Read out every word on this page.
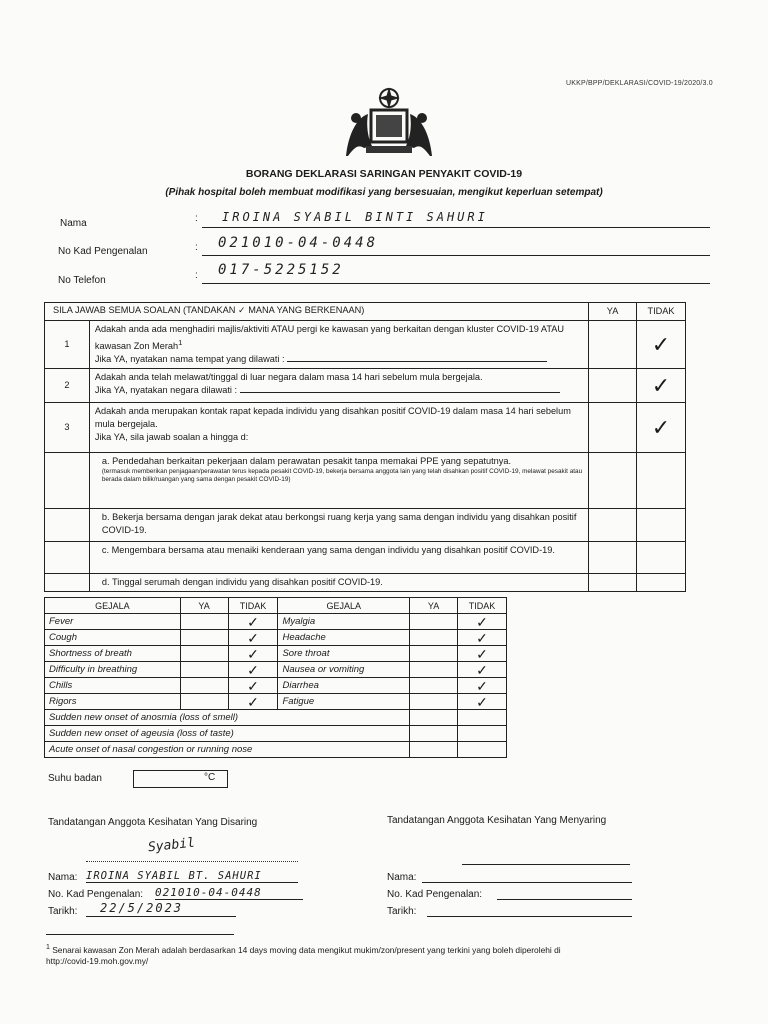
UKKP/BPP/DEKLARASI/COVID-19/2020/3.0
BORANG DEKLARASI SARINGAN PENYAKIT COVID-19
(Pihak hospital boleh membuat modifikasi yang bersesuaian, mengikut keperluan setempat)
Nama	:	IROINA SYABIL BINTI SAHURI
No Kad Pengenalan	:	021010-04-0448
No Telefon	:	017-5225152
SILA JAWAB SEMUA SOALAN (TANDAKAN ✓ MANA YANG BERKENAAN)		YA	TIDAK
1	Adakah anda ada menghadiri majlis/aktiviti ATAU pergi ke kawasan yang berkaitan dengan kluster COVID-19 ATAU kawasan Zon Merah$^1$
Jika YA, nyatakan nama tempat yang dilawati :		✓
2	Adakah anda telah melawat/tinggal di luar negara dalam masa 14 hari sebelum mula bergejala.
Jika YA, nyatakan negara dilawati :		✓
3	Adakah anda merupakan kontak rapat kepada individu yang disahkan positif COVID-19 dalam masa 14 hari sebelum mula bergejala.
Jika YA, sila jawab soalan a hingga d:		✓
	a. Pendedahan berkaitan pekerjaan dalam perawatan pesakit tanpa memakai PPE yang sepatutnya.
(termasuk memberikan penjagaan/perawatan terus kepada pesakit COVID-19, bekerja bersama anggota lain yang telah disahkan positif COVID-19, melawat pesakit atau berada dalam bilik/ruangan yang sama dengan pesakit COVID-19)		

	b. Bekerja bersama dengan jarak dekat atau berkongsi ruang kerja yang sama dengan individu yang disahkan positif COVID-19.		
	c. Mengembara bersama atau menaiki kenderaan yang sama dengan individu yang disahkan positif COVID-19.		
	d. Tinggal serumah dengan individu yang disahkan positif COVID-19.		
GEJALA	YA	TIDAK	GEJALA	YA	TIDAK
Fever		✓	Myalgia		✓
Cough		✓	Headache		✓
Shortness of breath		✓	Sore throat		✓
Difficulty in breathing		✓	Nausea or vomiting		✓
Chills		✓	Diarrhea		✓
Rigors		✓	Fatigue		✓
Sudden new onset of anosmia (loss of smell)					
Sudden new onset of ageusia (loss of taste)					
Acute onset of nasal congestion or running nose					
Suhu badan	°C
Tandatangan Anggota Kesihatan Yang Disaring	Tandatangan Anggota Kesihatan Yang Menyaring
Syabil
Nama: IROINA SYABIL BT. SAHURI
No. Kad Pengenalan: 021010-04-0448
Tarikh:	22/5/2023
Nama:
No. Kad Pengenalan:
Tarikh:
$^1$ Senarai kawasan Zon Merah adalah berdasarkan 14 days moving data mengikut mukim/zon/present yang terkini yang boleh diperolehi di
http://covid-19.moh.gov.my/
